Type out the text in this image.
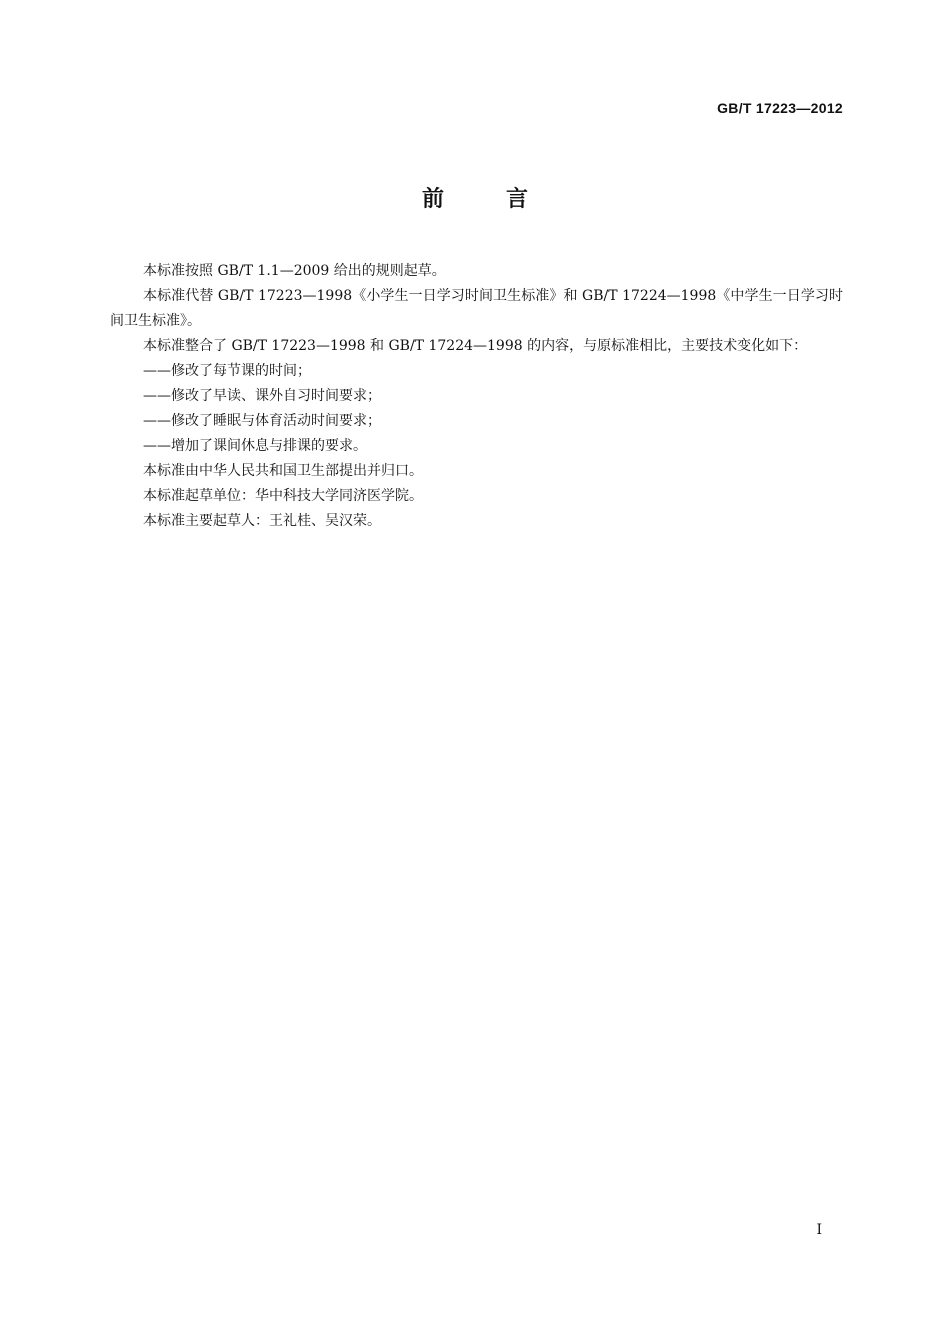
GB/T 17223—2012
前言

本标准按照 GB/T 1.1—2009 给出的规则起草。

本标准代替 GB/T 17223—1998《小学生一日学习时间卫生标准》和 GB/T 17224—1998《中学生一日学习时间卫生标准》。

本标准整合了 GB/T 17223—1998 和 GB/T 17224—1998 的内容，与原标准相比，主要技术变化如下：

——修改了每节课的时间；

——修改了早读、课外自习时间要求；

——修改了睡眠与体育活动时间要求；

——增加了课间休息与排课的要求。

本标准由中华人民共和国卫生部提出并归口。

本标准起草单位：华中科技大学同济医学院。

本标准主要起草人：王礼桂、吴汉荣。

I
